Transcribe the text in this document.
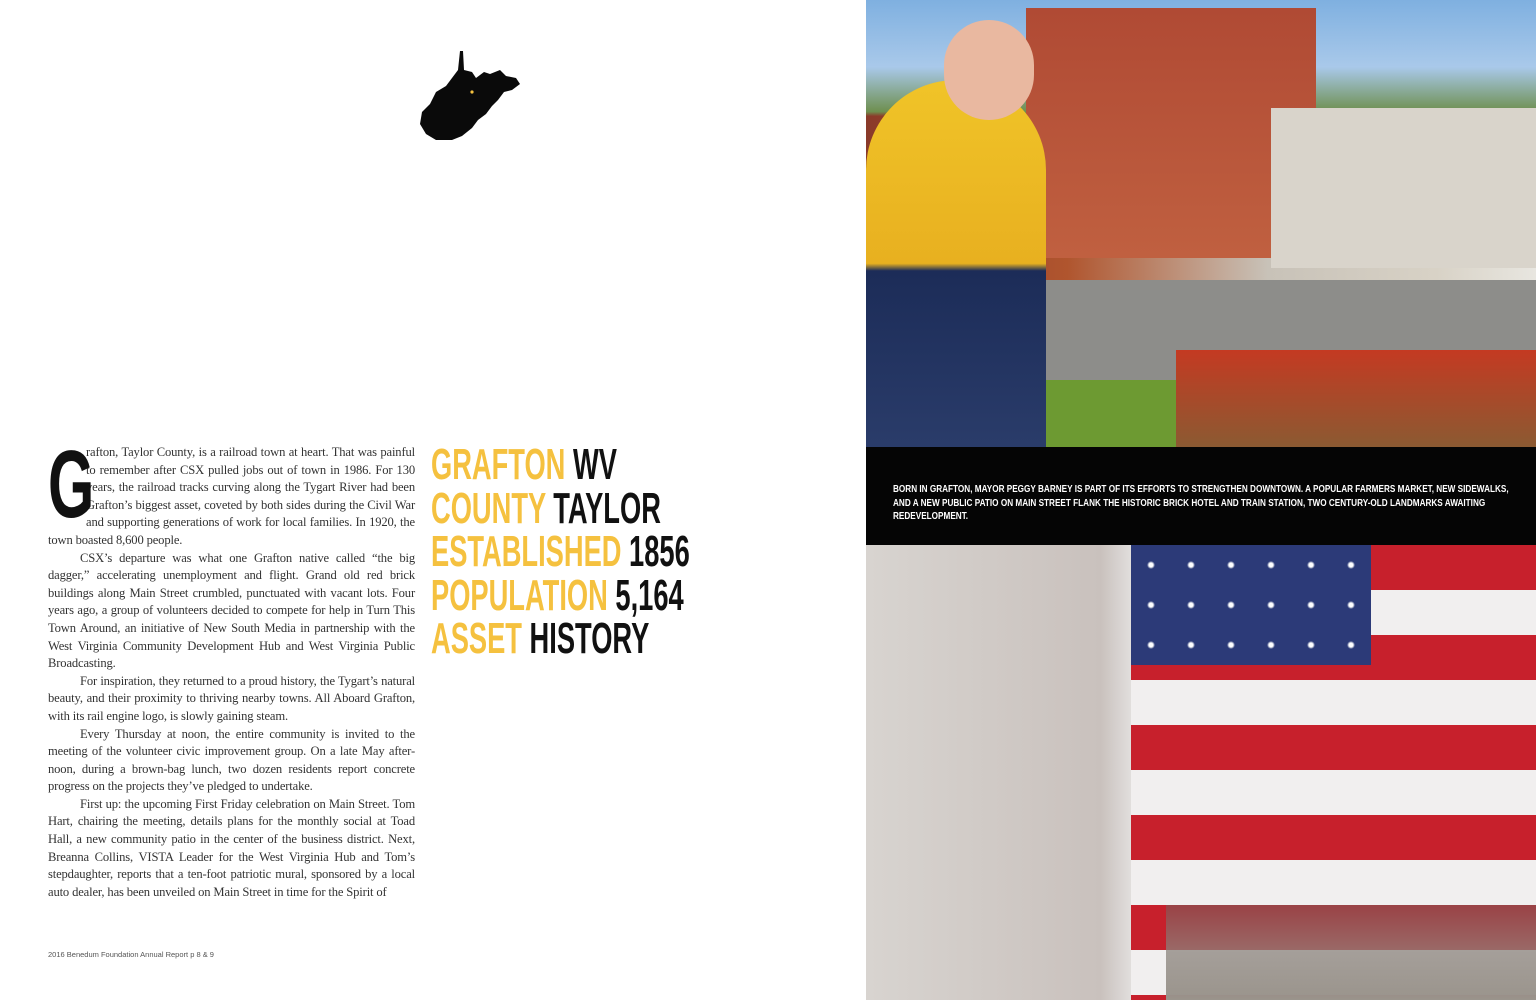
G
rafton, Taylor County, is a railroad town at heart. That was painful to remember after CSX pulled jobs out of town in 1986. For 130 years, the railroad tracks curving along the Tygart River had been Grafton’s biggest asset, coveted by both sides during the Civil War and supporting generations of work for local families. In 1920, the town boasted 8,600 people.

CSX’s departure was what one Grafton native called “the big dagger,” accelerating unemployment and flight. Grand old red brick buildings along Main Street crumbled, punctuated with vacant lots. Four years ago, a group of volunteers decided to compete for help in Turn This Town Around, an initiative of New South Media in partnership with the West Virginia Community Development Hub and West Virginia Public Broadcasting.

For inspiration, they returned to a proud history, the Tygart’s natural beauty, and their proximity to thriving nearby towns. All Aboard Grafton, with its rail engine logo, is slowly gaining steam.

Every Thursday at noon, the entire community is invited to the meeting of the volunteer civic improvement group. On a late May after-noon, during a brown-bag lunch, two dozen residents report concrete progress on the projects they’ve pledged to undertake.

First up: the upcoming First Friday celebration on Main Street. Tom Hart, chairing the meeting, details plans for the monthly social at Toad Hall, a new community patio in the center of the business district. Next, Breanna Collins, VISTA Leader for the West Virginia Hub and Tom’s stepdaughter, reports that a ten-foot patriotic mural, sponsored by a local auto dealer, has been unveiled on Main Street in time for the Spirit of

GRAFTON WV
COUNTY TAYLOR
ESTABLISHED 1856
POPULATION 5,164
ASSET HISTORY
2016 Benedum Foundation Annual Report p 8 & 9
BORN IN GRAFTON, MAYOR PEGGY BARNEY IS PART OF ITS EFFORTS TO STRENGTHEN DOWNTOWN. A POPULAR FARMERS MARKET, NEW SIDEWALKS, AND A NEW PUBLIC PATIO ON MAIN STREET FLANK THE HISTORIC BRICK HOTEL AND TRAIN STATION, TWO CENTURY-OLD LANDMARKS AWAITING REDEVELOPMENT.
